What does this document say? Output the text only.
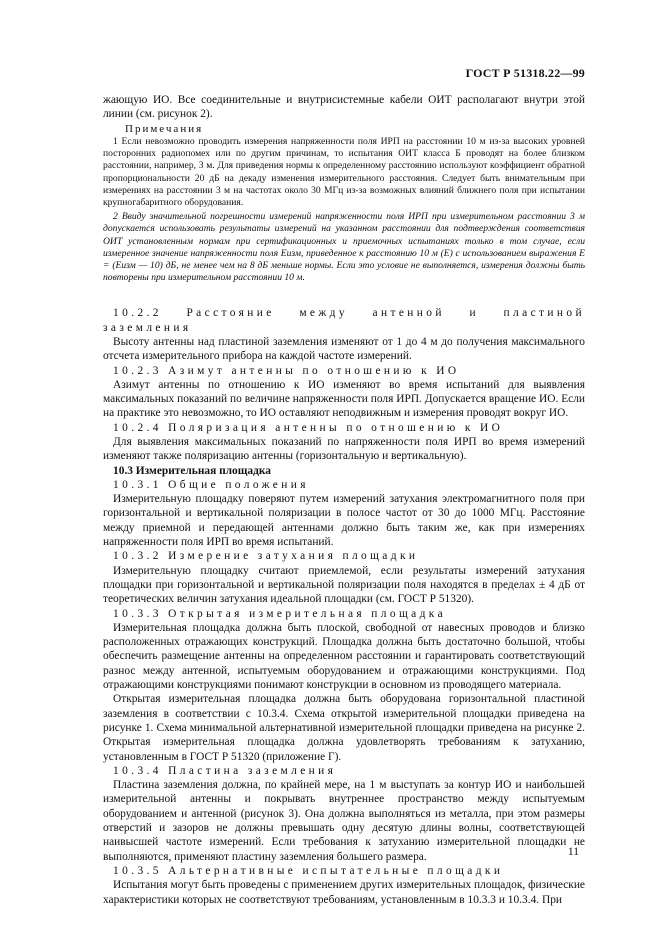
ГОСТ Р 51318.22—99

жающую ИО. Все соединительные и внутрисистемные кабели ОИТ располагают внутри этой линии (см. рисунок 2).

Примечания

1 Если невозможно проводить измерения напряженности поля ИРП на расстоянии 10 м из-за высоких уровней посторонних радиопомех или по другим причинам, то испытания ОИТ класса Б проводят на более близком расстоянии, например, 3 м. Для приведения нормы к определенному расстоянию используют коэффициент обратной пропорциональности 20 дБ на декаду изменения измерительного расстояния. Следует быть внимательным при измерениях на расстоянии 3 м на частотах около 30 МГц из-за возможных влияний ближнего поля при испытании крупногабаритного оборудования.

2 Ввиду значительной погрешности измерений напряженности поля ИРП при измерительном расстоянии 3 м допускается использовать результаты измерений на указанном расстоянии для подтверждения соответствия ОИТ установленным нормам при сертификационных и приемочных испытаниях только в том случае, если измеренное значение напряженности поля Eизм, приведенное к расстоянию 10 м (E) с использованием выражения E = (Eизм — 10) дБ, не менее чем на 8 дБ меньше нормы. Если это условие не выполняется, измерения должны быть повторены при измерительном расстоянии 10 м.

10.2.2 Расстояние между антенной и пластиной заземления

Высоту антенны над пластиной заземления изменяют от 1 до 4 м до получения максимального отсчета измерительного прибора на каждой частоте измерений.

10.2.3 Азимут антенны по отношению к ИО

Азимут антенны по отношению к ИО изменяют во время испытаний для выявления максимальных показаний по величине напряженности поля ИРП. Допускается вращение ИО. Если на практике это невозможно, то ИО оставляют неподвижным и измерения проводят вокруг ИО.

10.2.4 Поляризация антенны по отношению к ИО

Для выявления максимальных показаний по напряженности поля ИРП во время измерений изменяют также поляризацию антенны (горизонтальную и вертикальную).

10.3 Измерительная площадка

10.3.1 Общие положения

Измерительную площадку поверяют путем измерений затухания электромагнитного поля при горизонтальной и вертикальной поляризации в полосе частот от 30 до 1000 МГц. Расстояние между приемной и передающей антеннами должно быть таким же, как при измерениях напряженности поля ИРП во время испытаний.

10.3.2 Измерение затухания площадки

Измерительную площадку считают приемлемой, если результаты измерений затухания площадки при горизонтальной и вертикальной поляризации поля находятся в пределах ± 4 дБ от теоретических величин затухания идеальной площадки (см. ГОСТ Р 51320).

10.3.3 Открытая измерительная площадка

Измерительная площадка должна быть плоской, свободной от навесных проводов и близко расположенных отражающих конструкций. Площадка должна быть достаточно большой, чтобы обеспечить размещение антенны на определенном расстоянии и гарантировать соответствующий разнос между антенной, испытуемым оборудованием и отражающими конструкциями. Под отражающими конструкциями понимают конструкции в основном из проводящего материала.

Открытая измерительная площадка должна быть оборудована горизонтальной пластиной заземления в соответствии с 10.3.4. Схема открытой измерительной площадки приведена на рисунке 1. Схема минимальной альтернативной измерительной площадки приведена на рисунке 2. Открытая измерительная площадка должна удовлетворять требованиям к затуханию, установленным в ГОСТ Р 51320 (приложение Г).

10.3.4 Пластина заземления

Пластина заземления должна, по крайней мере, на 1 м выступать за контур ИО и наибольшей измерительной антенны и покрывать внутреннее пространство между испытуемым оборудованием и антенной (рисунок 3). Она должна выполняться из металла, при этом размеры отверстий и зазоров не должны превышать одну десятую длины волны, соответствующей наивысшей частоте измерений. Если требования к затуханию измерительной площадки не выполняются, применяют пластину заземления большего размера.

10.3.5 Альтернативные испытательные площадки

Испытания могут быть проведены с применением других измерительных площадок, физические характеристики которых не соответствуют требованиям, установленным в 10.3.3 и 10.3.4. При

11
